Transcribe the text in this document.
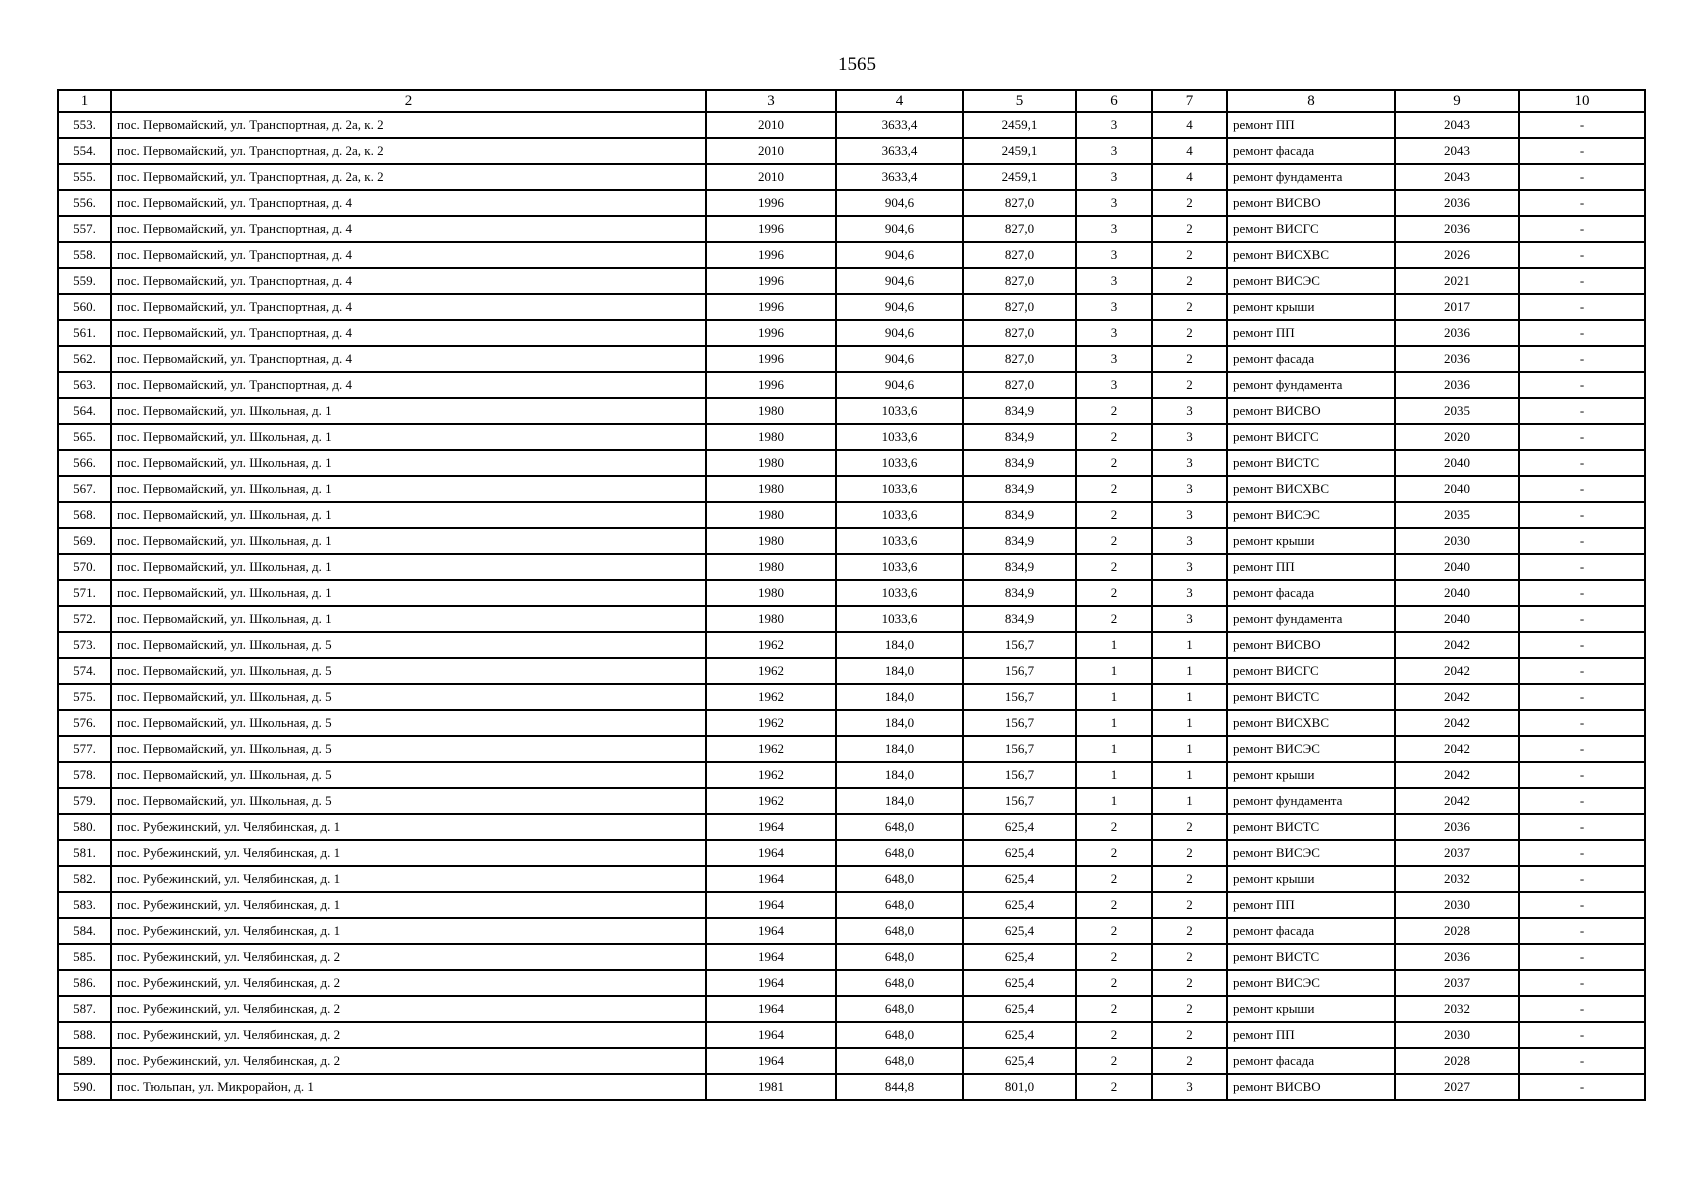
1565
1	2	3	4	5	6	7	8	9	10
553.	пос. Первомайский, ул. Транспортная, д. 2а, к. 2	2010	3633,4	2459,1	3	4	ремонт ПП	2043	-
554.	пос. Первомайский, ул. Транспортная, д. 2а, к. 2	2010	3633,4	2459,1	3	4	ремонт фасада	2043	-
555.	пос. Первомайский, ул. Транспортная, д. 2а, к. 2	2010	3633,4	2459,1	3	4	ремонт фундамента	2043	-
556.	пос. Первомайский, ул. Транспортная, д. 4	1996	904,6	827,0	3	2	ремонт ВИСВО	2036	-
557.	пос. Первомайский, ул. Транспортная, д. 4	1996	904,6	827,0	3	2	ремонт ВИСГС	2036	-
558.	пос. Первомайский, ул. Транспортная, д. 4	1996	904,6	827,0	3	2	ремонт ВИСХВС	2026	-
559.	пос. Первомайский, ул. Транспортная, д. 4	1996	904,6	827,0	3	2	ремонт ВИСЭС	2021	-
560.	пос. Первомайский, ул. Транспортная, д. 4	1996	904,6	827,0	3	2	ремонт крыши	2017	-
561.	пос. Первомайский, ул. Транспортная, д. 4	1996	904,6	827,0	3	2	ремонт ПП	2036	-
562.	пос. Первомайский, ул. Транспортная, д. 4	1996	904,6	827,0	3	2	ремонт фасада	2036	-
563.	пос. Первомайский, ул. Транспортная, д. 4	1996	904,6	827,0	3	2	ремонт фундамента	2036	-
564.	пос. Первомайский, ул. Школьная, д. 1	1980	1033,6	834,9	2	3	ремонт ВИСВО	2035	-
565.	пос. Первомайский, ул. Школьная, д. 1	1980	1033,6	834,9	2	3	ремонт ВИСГС	2020	-
566.	пос. Первомайский, ул. Школьная, д. 1	1980	1033,6	834,9	2	3	ремонт ВИСТС	2040	-
567.	пос. Первомайский, ул. Школьная, д. 1	1980	1033,6	834,9	2	3	ремонт ВИСХВС	2040	-
568.	пос. Первомайский, ул. Школьная, д. 1	1980	1033,6	834,9	2	3	ремонт ВИСЭС	2035	-
569.	пос. Первомайский, ул. Школьная, д. 1	1980	1033,6	834,9	2	3	ремонт крыши	2030	-
570.	пос. Первомайский, ул. Школьная, д. 1	1980	1033,6	834,9	2	3	ремонт ПП	2040	-
571.	пос. Первомайский, ул. Школьная, д. 1	1980	1033,6	834,9	2	3	ремонт фасада	2040	-
572.	пос. Первомайский, ул. Школьная, д. 1	1980	1033,6	834,9	2	3	ремонт фундамента	2040	-
573.	пос. Первомайский, ул. Школьная, д. 5	1962	184,0	156,7	1	1	ремонт ВИСВО	2042	-
574.	пос. Первомайский, ул. Школьная, д. 5	1962	184,0	156,7	1	1	ремонт ВИСГС	2042	-
575.	пос. Первомайский, ул. Школьная, д. 5	1962	184,0	156,7	1	1	ремонт ВИСТС	2042	-
576.	пос. Первомайский, ул. Школьная, д. 5	1962	184,0	156,7	1	1	ремонт ВИСХВС	2042	-
577.	пос. Первомайский, ул. Школьная, д. 5	1962	184,0	156,7	1	1	ремонт ВИСЭС	2042	-
578.	пос. Первомайский, ул. Школьная, д. 5	1962	184,0	156,7	1	1	ремонт крыши	2042	-
579.	пос. Первомайский, ул. Школьная, д. 5	1962	184,0	156,7	1	1	ремонт фундамента	2042	-
580.	пос. Рубежинский, ул. Челябинская, д. 1	1964	648,0	625,4	2	2	ремонт ВИСТС	2036	-
581.	пос. Рубежинский, ул. Челябинская, д. 1	1964	648,0	625,4	2	2	ремонт ВИСЭС	2037	-
582.	пос. Рубежинский, ул. Челябинская, д. 1	1964	648,0	625,4	2	2	ремонт крыши	2032	-
583.	пос. Рубежинский, ул. Челябинская, д. 1	1964	648,0	625,4	2	2	ремонт ПП	2030	-
584.	пос. Рубежинский, ул. Челябинская, д. 1	1964	648,0	625,4	2	2	ремонт фасада	2028	-
585.	пос. Рубежинский, ул. Челябинская, д. 2	1964	648,0	625,4	2	2	ремонт ВИСТС	2036	-
586.	пос. Рубежинский, ул. Челябинская, д. 2	1964	648,0	625,4	2	2	ремонт ВИСЭС	2037	-
587.	пос. Рубежинский, ул. Челябинская, д. 2	1964	648,0	625,4	2	2	ремонт крыши	2032	-
588.	пос. Рубежинский, ул. Челябинская, д. 2	1964	648,0	625,4	2	2	ремонт ПП	2030	-
589.	пос. Рубежинский, ул. Челябинская, д. 2	1964	648,0	625,4	2	2	ремонт фасада	2028	-
590.	пос. Тюльпан, ул. Микрорайон, д. 1	1981	844,8	801,0	2	3	ремонт ВИСВО	2027	-
